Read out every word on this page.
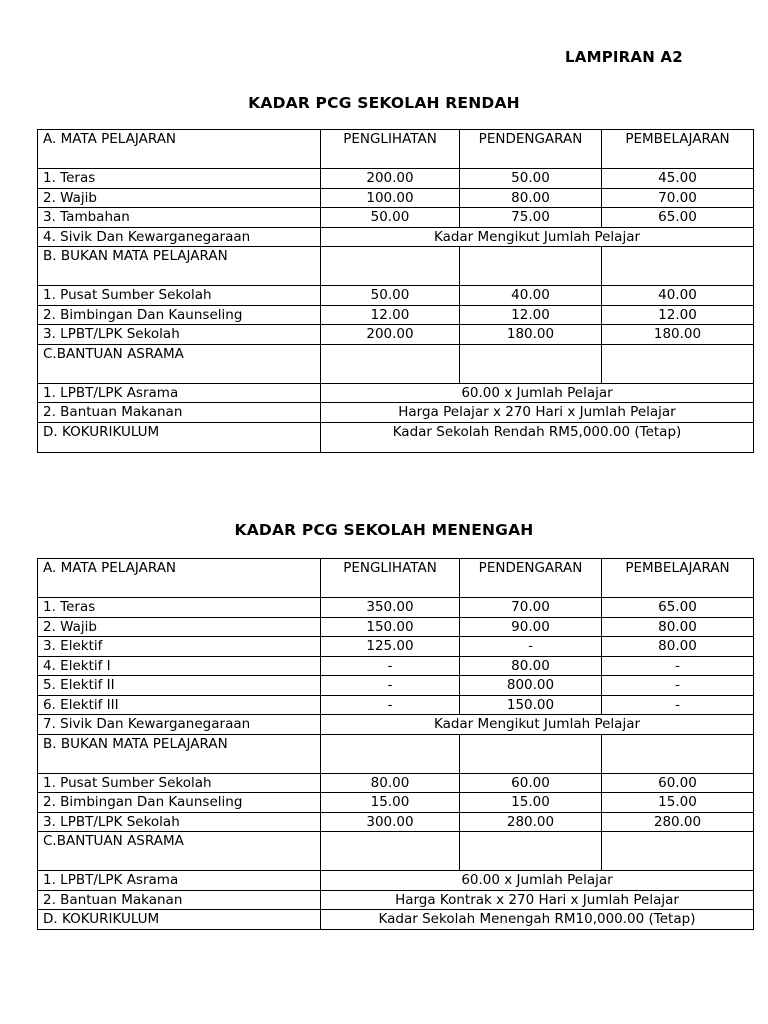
LAMPIRAN A2
KADAR PCG SEKOLAH RENDAH
A. MATA PELAJARAN	PENGLIHATAN	PENDENGARAN	PEMBELAJARAN
1. Teras	200.00	50.00	45.00
2. Wajib	100.00	80.00	70.00
3. Tambahan	50.00	75.00	65.00
4. Sivik Dan Kewarganegaraan	Kadar Mengikut Jumlah Pelajar		
B. BUKAN MATA PELAJARAN			
1. Pusat Sumber Sekolah	50.00	40.00	40.00
2. Bimbingan Dan Kaunseling	12.00	12.00	12.00
3. LPBT/LPK Sekolah	200.00	180.00	180.00
C.BANTUAN ASRAMA			
1. LPBT/LPK Asrama	60.00 x Jumlah Pelajar		
2. Bantuan Makanan	Harga Pelajar x 270 Hari x Jumlah Pelajar		
D. KOKURIKULUM	Kadar Sekolah Rendah RM5,000.00 (Tetap)		
KADAR PCG SEKOLAH MENENGAH
A. MATA PELAJARAN	PENGLIHATAN	PENDENGARAN	PEMBELAJARAN
1. Teras	350.00	70.00	65.00
2. Wajib	150.00	90.00	80.00
3. Elektif	125.00	-	80.00
4. Elektif I	-	80.00	-
5. Elektif II	-	800.00	-
6. Elektif III	-	150.00	-
7. Sivik Dan Kewarganegaraan	Kadar Mengikut Jumlah Pelajar		
B. BUKAN MATA PELAJARAN			
1. Pusat Sumber Sekolah	80.00	60.00	60.00
2. Bimbingan Dan Kaunseling	15.00	15.00	15.00
3. LPBT/LPK Sekolah	300.00	280.00	280.00
C.BANTUAN ASRAMA			
1. LPBT/LPK Asrama	60.00 x Jumlah Pelajar		
2. Bantuan Makanan	Harga Kontrak x 270 Hari x Jumlah Pelajar		
D. KOKURIKULUM	Kadar Sekolah Menengah RM10,000.00 (Tetap)		
